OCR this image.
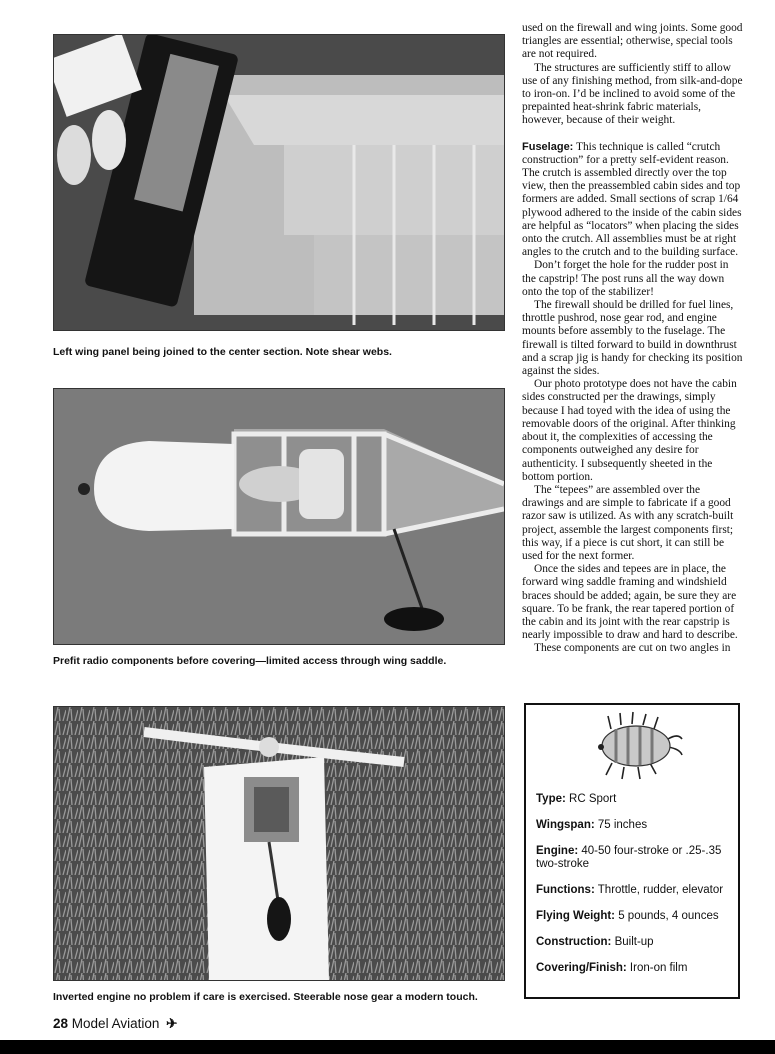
Left wing panel being joined to the center section. Note shear webs.
Prefit radio components before covering—limited access through wing saddle.
Inverted engine no problem if care is exercised. Steerable nose gear a modern touch.

used on the firewall and wing joints. Some good triangles are essential; otherwise, special tools are not required.

The structures are sufficiently stiff to allow use of any finishing method, from silk-and-dope to iron-on. I’d be inclined to avoid some of the prepainted heat-shrink fabric materials, however, because of their weight.

Fuselage: This technique is called “crutch construction” for a pretty self-evident reason. The crutch is assembled directly over the top view, then the preassembled cabin sides and top formers are added. Small sections of scrap 1/64 plywood adhered to the inside of the cabin sides are helpful as “locators” when placing the sides onto the crutch. All assemblies must be at right angles to the crutch and to the building surface.

Don’t forget the hole for the rudder post in the capstrip! The post runs all the way down onto the top of the stabilizer!

The firewall should be drilled for fuel lines, throttle pushrod, nose gear rod, and engine mounts before assembly to the fuselage. The firewall is tilted forward to build in downthrust and a scrap jig is handy for checking its position against the sides.

Our photo prototype does not have the cabin sides constructed per the drawings, simply because I had toyed with the idea of using the removable doors of the original. After thinking about it, the complexities of accessing the components outweighed any desire for authenticity. I subsequently sheeted in the bottom portion.

The “tepees” are assembled over the drawings and are simple to fabricate if a good razor saw is utilized. As with any scratch-built project, assemble the largest components first; this way, if a piece is cut short, it can still be used for the next former.

Once the sides and tepees are in place, the forward wing saddle framing and windshield braces should be added; again, be sure they are square. To be frank, the rear tapered portion of the cabin and its joint with the rear capstrip is nearly impossible to draw and hard to describe.

These components are cut on two angles in

Type: RC Sport
Wingspan: 75 inches
Engine: 40-50 four-stroke or .25-.35 two-stroke
Functions: Throttle, rudder, elevator
Flying Weight: 5 pounds, 4 ounces
Construction: Built-up
Covering/Finish: Iron-on film
28 Model Aviation ✈
